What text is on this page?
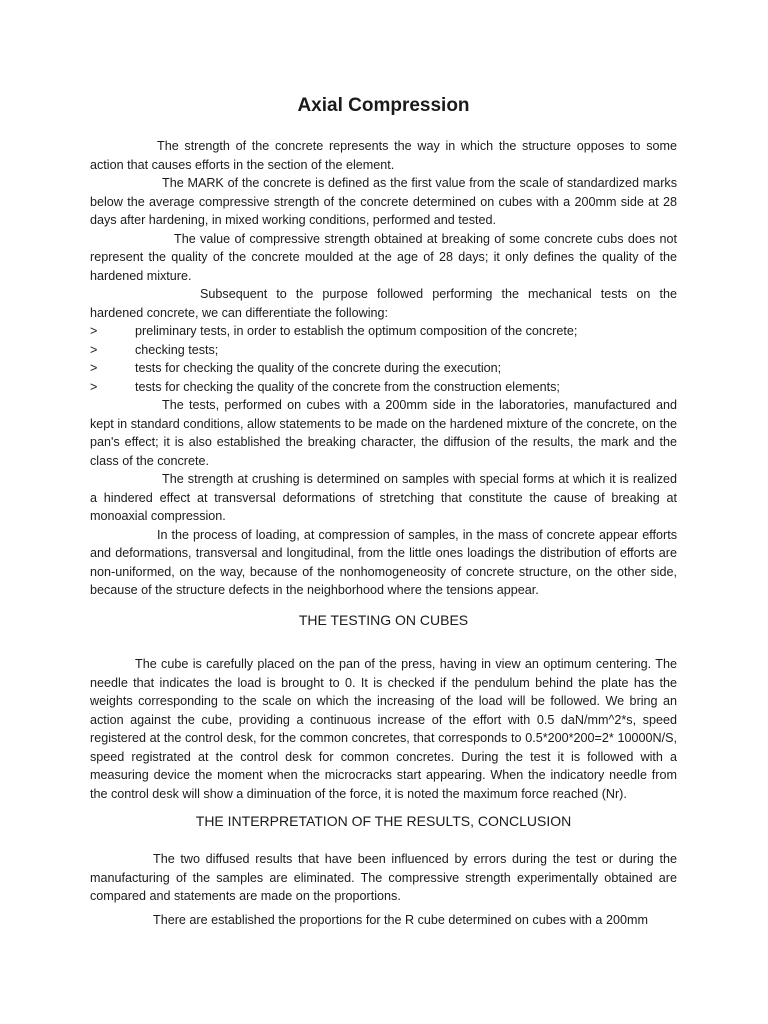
Axial Compression

The strength of the concrete represents the way in which the structure opposes to some action that causes efforts in the section of the element.

The MARK of the concrete is defined as the first value from the scale of standardized marks below the average compressive strength of the concrete determined on cubes with a 200mm side at 28 days after hardening, in mixed working conditions, performed and tested.

The value of compressive strength obtained at breaking of some concrete cubs does not represent the quality of the concrete moulded at the age of 28 days; it only defines the quality of the hardened mixture.

Subsequent to the purpose followed performing the mechanical tests on the hardened concrete, we can differentiate the following:

>	preliminary tests, in order to establish the optimum composition of the concrete;
>	checking tests;
>	tests for checking the quality of the concrete during the execution;
>	tests for checking the quality of the concrete from the construction elements;

The tests, performed on cubes with a 200mm side in the laboratories, manufactured and kept in standard conditions, allow statements to be made on the hardened mixture of the concrete, on the pan's effect; it is also established the breaking character, the diffusion of the results, the mark and the class of the concrete.

The strength at crushing is determined on samples with special forms at which it is realized a hindered effect at transversal deformations of stretching that constitute the cause of breaking at monoaxial compression.

In the process of loading, at compression of samples, in the mass of concrete appear efforts and deformations, transversal and longitudinal, from the little ones loadings the distribution of efforts are non-uniformed, on the way, because of the nonhomogeneosity of concrete structure, on the other side, because of the structure defects in the neighborhood where the tensions appear.

THE TESTING ON CUBES

The cube is carefully placed on the pan of the press, having in view an optimum centering. The needle that indicates the load is brought to 0. It is checked if the pendulum behind the plate has the weights corresponding to the scale on which the increasing of the load will be followed. We bring an action against the cube, providing a continuous increase of the effort with 0.5 daN/mm^2*s, speed registered at the control desk, for the common concretes, that corresponds to 0.5*200*200=2* 10000N/S, speed registrated at the control desk for common concretes. During the test it is followed with a measuring device the moment when the microcracks start appearing. When the indicatory needle from the control desk will show a diminuation of the force, it is noted the maximum force reached (Nr).

THE INTERPRETATION OF THE RESULTS, CONCLUSION

The two diffused results that have been influenced by errors during the test or during the manufacturing of the samples are eliminated. The compressive strength experimentally obtained are compared and statements are made on the proportions.

There are established the proportions for the R cube determined on cubes with a 200mm
